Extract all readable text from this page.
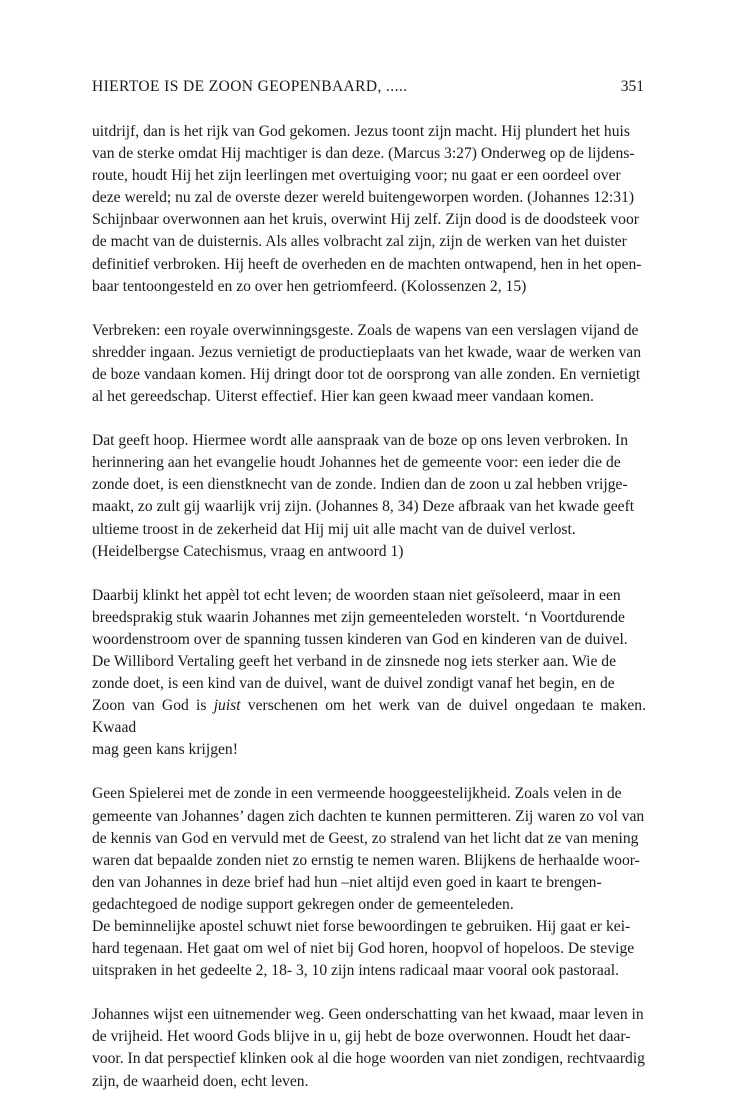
HIERTOE IS DE ZOON GEOPENBAARD, .....	351

uitdrijf, dan is het rijk van God gekomen. Jezus toont zijn macht. Hij plundert het huis
van de sterke omdat Hij machtiger is dan deze. (Marcus 3:27) Onderweg op de lijdens-
route, houdt Hij het zijn leerlingen met overtuiging voor; nu gaat er een oordeel over
deze wereld; nu zal de overste dezer wereld buitengeworpen worden. (Johannes 12:31)
Schijnbaar overwonnen aan het kruis, overwint Hij zelf. Zijn dood is de doodsteek voor
de macht van de duisternis. Als alles volbracht zal zijn, zijn de werken van het duister
definitief verbroken. Hij heeft de overheden en de machten ontwapend, hen in het open-
baar tentoongesteld en zo over hen getriomfeerd. (Kolossenzen 2, 15)

Verbreken: een royale overwinningsgeste. Zoals de wapens van een verslagen vijand de
shredder ingaan. Jezus vernietigt de productieplaats van het kwade, waar de werken van
de boze vandaan komen. Hij dringt door tot de oorsprong van alle zonden. En vernietigt
al het gereedschap. Uiterst effectief. Hier kan geen kwaad meer vandaan komen.

Dat geeft hoop. Hiermee wordt alle aanspraak van de boze op ons leven verbroken. In
herinnering aan het evangelie houdt Johannes het de gemeente voor: een ieder die de
zonde doet, is een dienstknecht van de zonde. Indien dan de zoon u zal hebben vrijge-
maakt, zo zult gij waarlijk vrij zijn. (Johannes 8, 34) Deze afbraak van het kwade geeft
ultieme troost in de zekerheid dat Hij mij uit alle macht van de duivel verlost.
(Heidelbergse Catechismus, vraag en antwoord 1)

Daarbij klinkt het appèl tot echt leven; de woorden staan niet geïsoleerd, maar in een
breedsprakig stuk waarin Johannes met zijn gemeenteleden worstelt. ‘n Voortdurende
woordenstroom over de spanning tussen kinderen van God en kinderen van de duivel.
De Willibord Vertaling geeft het verband in de zinsnede nog iets sterker aan. Wie de
zonde doet, is een kind van de duivel, want de duivel zondigt vanaf het begin, en de
Zoon van God is juist verschenen om het werk van de duivel ongedaan te maken. Kwaad
mag geen kans krijgen!

Geen Spielerei met de zonde in een vermeende hooggeestelijkheid. Zoals velen in de
gemeente van Johannes’ dagen zich dachten te kunnen permitteren. Zij waren zo vol van
de kennis van God en vervuld met de Geest, zo stralend van het licht dat ze van mening
waren dat bepaalde zonden niet zo ernstig te nemen waren. Blijkens de herhaalde woor-
den van Johannes in deze brief had hun –niet altijd even goed in kaart te brengen-
gedachtegoed de nodige support gekregen onder de gemeenteleden.

De beminnelijke apostel schuwt niet forse bewoordingen te gebruiken. Hij gaat er kei-
hard tegenaan. Het gaat om wel of niet bij God horen, hoopvol of hopeloos. De stevige
uitspraken in het gedeelte 2, 18- 3, 10 zijn intens radicaal maar vooral ook pastoraal.

Johannes wijst een uitnemender weg. Geen onderschatting van het kwaad, maar leven in
de vrijheid. Het woord Gods blijve in u, gij hebt de boze overwonnen. Houdt het daar-
voor. In dat perspectief klinken ook al die hoge woorden van niet zondigen, rechtvaardig
zijn, de waarheid doen, echt leven.
